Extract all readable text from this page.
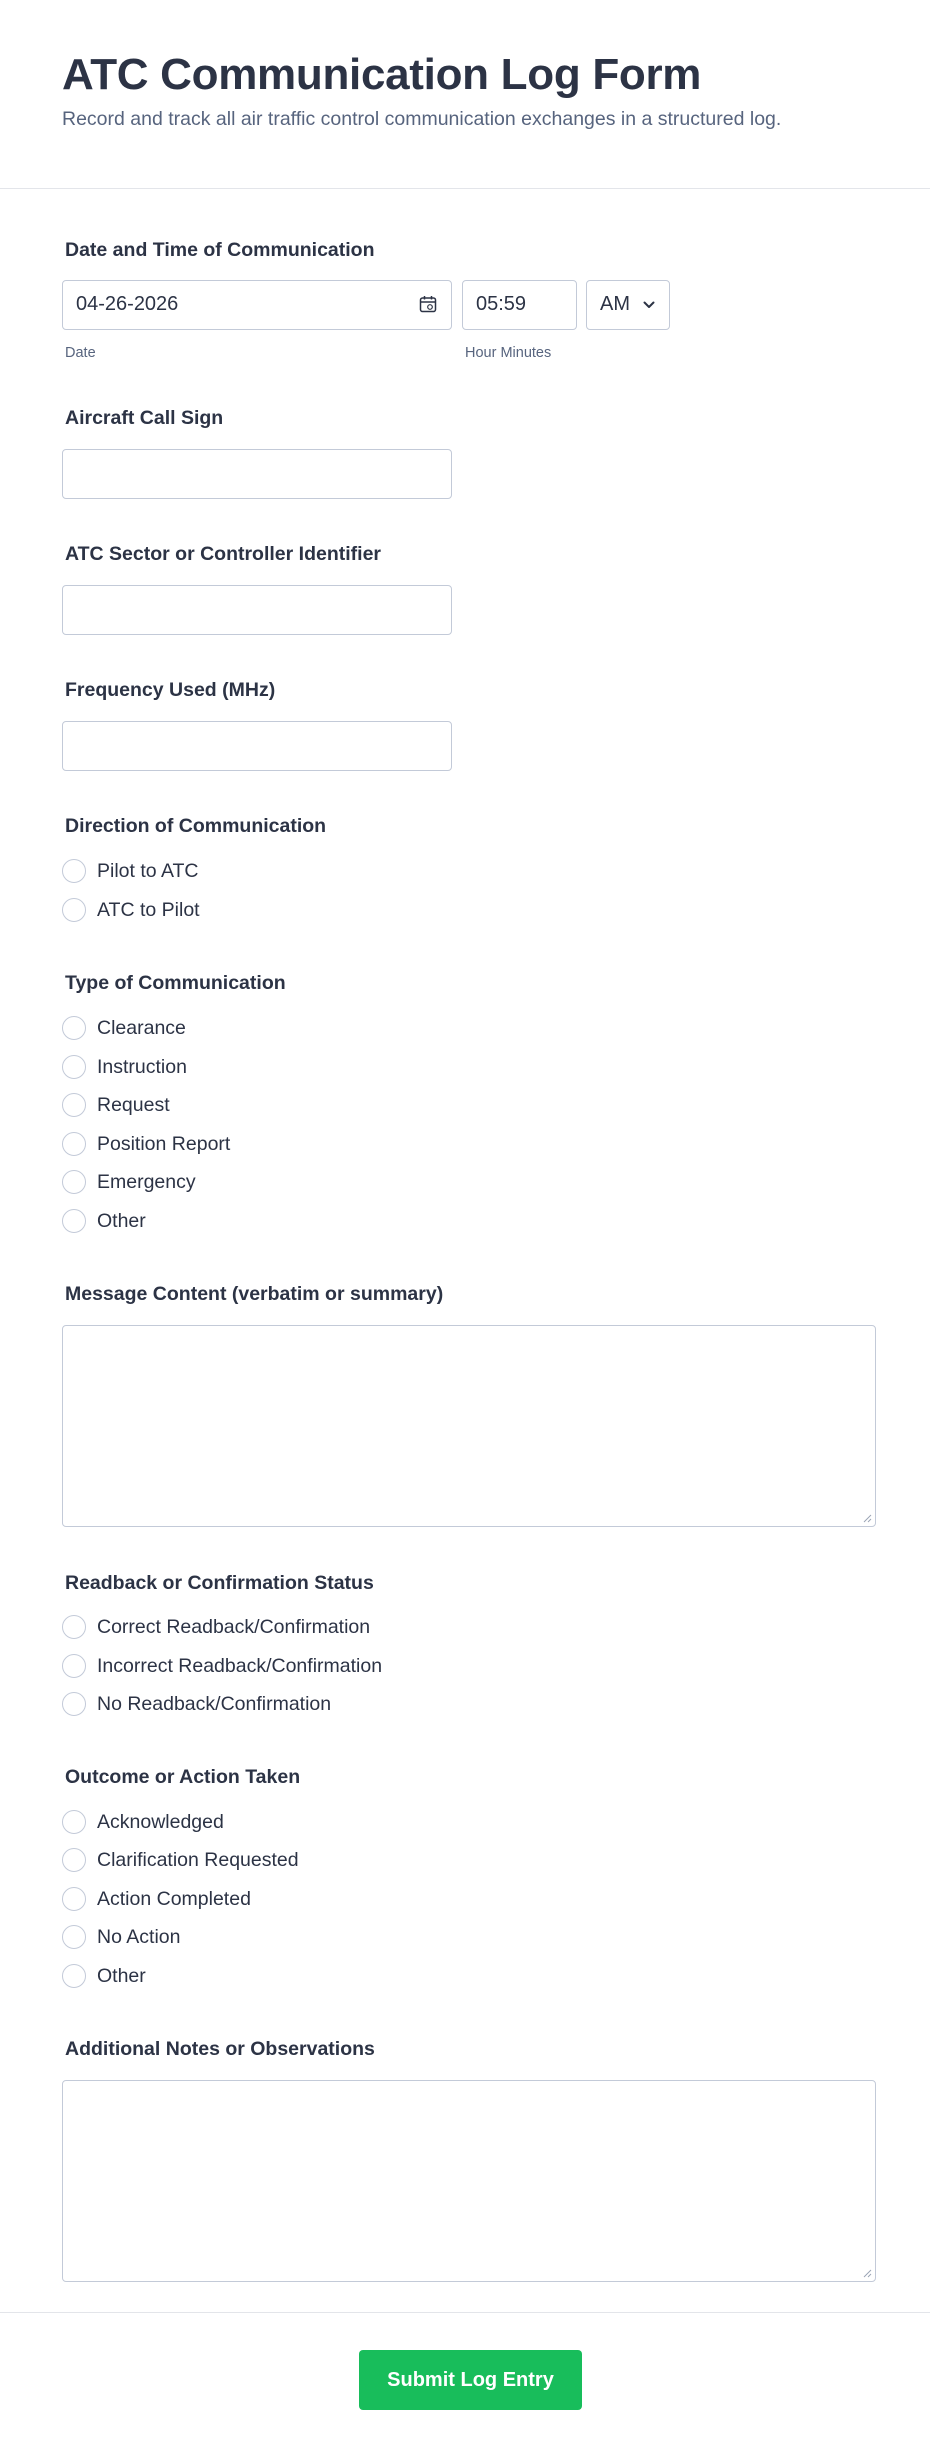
ATC Communication Log Form
Record and track all air traffic control communication exchanges in a structured log.
Date and Time of Communication
04-26-2026
Date
05:59
Hour Minutes
AM
Aircraft Call Sign
ATC Sector or Controller Identifier
Frequency Used (MHz)
Direction of Communication
Pilot to ATC
ATC to Pilot
Type of Communication
Clearance
Instruction
Request
Position Report
Emergency
Other
Message Content (verbatim or summary)
Readback or Confirmation Status
Correct Readback/Confirmation
Incorrect Readback/Confirmation
No Readback/Confirmation
Outcome or Action Taken
Acknowledged
Clarification Requested
Action Completed
No Action
Other
Additional Notes or Observations
Submit Log Entry
